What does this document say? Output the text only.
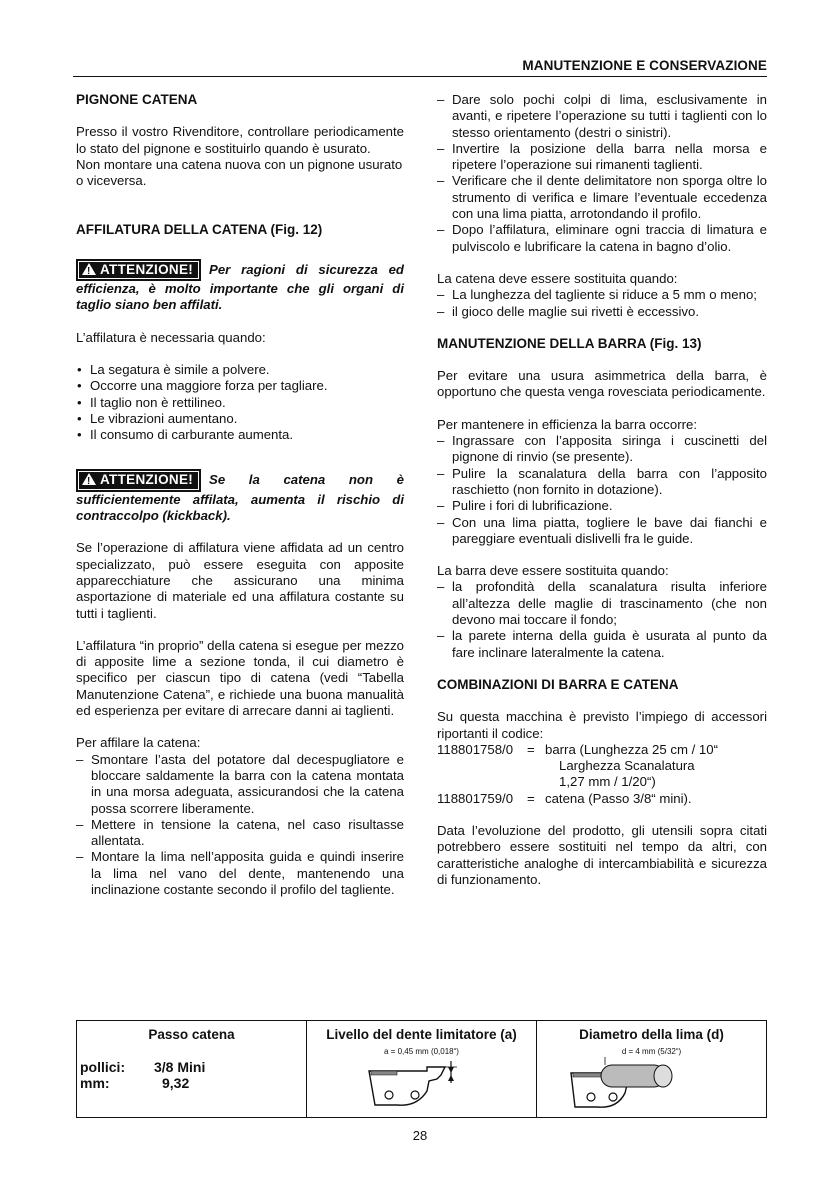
MANUTENZIONE E CONSERVAZIONE
PIGNONE CATENA

Presso il vostro Rivenditore, controllare periodicamente lo stato del pignone e sostituirlo quando è usurato.

Non montare una catena nuova con un pignone usurato o viceversa.

AFFILATURA DELLA CATENA (Fig. 12)

!ATTENZIONE! Per ragioni di sicurezza ed efficienza, è molto importante che gli organi di taglio siano ben affilati.

L’affilatura è necessaria quando:

• La segatura è simile a polvere.
• Occorre una maggiore forza per tagliare.
• Il taglio non è rettilineo.
• Le vibrazioni aumentano.
• Il consumo di carburante aumenta.

!ATTENZIONE! Se la catena non è sufficientemente affilata, aumenta il rischio di contraccolpo (kickback).

Se l’operazione di affilatura viene affidata ad un centro specializzato, può essere eseguita con apposite apparecchiature che assicurano una minima asportazione di materiale ed una affilatura costante su tutti i taglienti.

L’affilatura “in proprio” della catena si esegue per mezzo di apposite lime a sezione tonda, il cui diametro è specifico per ciascun tipo di catena (vedi “Tabella Manutenzione Catena”, e richiede una buona manualità ed esperienza per evitare di arrecare danni ai taglienti.

Per affilare la catena:

– Smontare l’asta del potatore dal decespugliatore e bloccare saldamente la barra con la catena montata in una morsa adeguata, assicurandosi che la catena possa scorrere liberamente.
– Mettere in tensione la catena, nel caso risultasse allentata.
– Montare la lima nell’apposita guida e quindi inserire la lima nel vano del dente, mantenendo una inclinazione costante secondo il profilo del tagliente.
– Dare solo pochi colpi di lima, esclusivamente in avanti, e ripetere l’operazione su tutti i taglienti con lo stesso orientamento (destri o sinistri).
– Invertire la posizione della barra nella morsa e ripetere l’operazione sui rimanenti taglienti.
– Verificare che il dente delimitatore non sporga oltre lo strumento di verifica e limare l’eventuale eccedenza con una lima piatta, arrotondando il profilo.
– Dopo l’affilatura, eliminare ogni traccia di limatura e pulviscolo e lubrificare la catena in bagno d’olio.

La catena deve essere sostituita quando:

– La lunghezza del tagliente si riduce a 5 mm o meno;
– il gioco delle maglie sui rivetti è eccessivo.
MANUTENZIONE DELLA BARRA (Fig. 13)

Per evitare una usura asimmetrica della barra, è opportuno che questa venga rovesciata periodicamente.

Per mantenere in efficienza la barra occorre:

– Ingrassare con l’apposita siringa i cuscinetti del pignone di rinvio (se presente).
– Pulire la scanalatura della barra con l’apposito raschietto (non fornito in dotazione).
– Pulire i fori di lubrificazione.
– Con una lima piatta, togliere le bave dai fianchi e pareggiare eventuali dislivelli fra le guide.

La barra deve essere sostituita quando:

– la profondità della scanalatura risulta inferiore all’altezza delle maglie di trascinamento (che non devono mai toccare il fondo;
– la parete interna della guida è usurata al punto da fare inclinare lateralmente la catena.
COMBINAZIONI DI BARRA E CATENA

Su questa macchina è previsto l’impiego di accessori riportanti il codice:

118801758/0	= barra (Lunghezza 25 cm / 10“
Larghezza Scanalatura
1,27 mm / 1/20“)
118801759/0	= catena (Passo 3/8“ mini).

Data l’evoluzione del prodotto, gli utensili sopra citati potrebbero essere sostituiti nel tempo da altri, con caratteristiche analoghe di intercambiabilità e sicurezza di funzionamento.

Passo catena
pollici: 3/8 Mini
mm:	9,32
Livello del dente limitatore (a)
a = 0,45 mm (0,018“)
Diametro della lima (d)
d = 4 mm (5/32“)
28
